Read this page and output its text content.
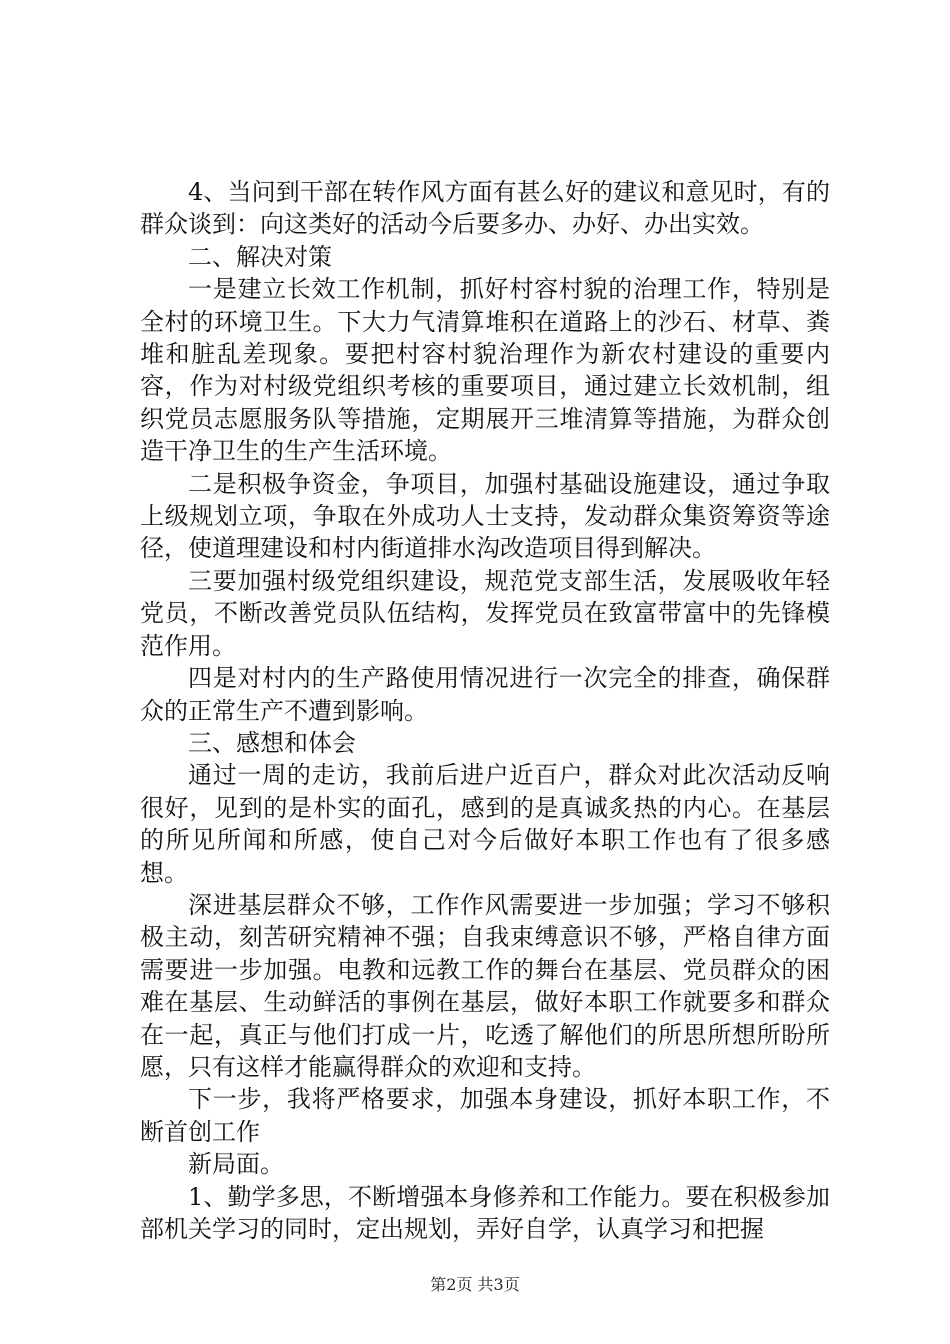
4、当问到干部在转作风方面有甚么好的建议和意见时，有的群众谈到：向这类好的活动今后要多办、办好、办出实效。

二、解决对策

一是建立长效工作机制，抓好村容村貌的治理工作，特别是全村的环境卫生。下大力气清算堆积在道路上的沙石、材草、粪堆和脏乱差现象。要把村容村貌治理作为新农村建设的重要内容，作为对村级党组织考核的重要项目，通过建立长效机制，组织党员志愿服务队等措施，定期展开三堆清算等措施，为群众创造干净卫生的生产生活环境。

二是积极争资金，争项目，加强村基础设施建设，通过争取上级规划立项，争取在外成功人士支持，发动群众集资筹资等途径，使道理建设和村内街道排水沟改造项目得到解决。

三要加强村级党组织建设，规范党支部生活，发展吸收年轻党员，不断改善党员队伍结构，发挥党员在致富带富中的先锋模范作用。

四是对村内的生产路使用情况进行一次完全的排查，确保群众的正常生产不遭到影响。

三、感想和体会

通过一周的走访，我前后进户近百户，群众对此次活动反响很好，见到的是朴实的面孔，感到的是真诚炙热的内心。在基层的所见所闻和所感，使自己对今后做好本职工作也有了很多感想。

深进基层群众不够，工作作风需要进一步加强；学习不够积极主动，刻苦研究精神不强；自我束缚意识不够，严格自律方面需要进一步加强。电教和远教工作的舞台在基层、党员群众的困难在基层、生动鲜活的事例在基层，做好本职工作就要多和群众在一起，真正与他们打成一片，吃透了解他们的所思所想所盼所愿，只有这样才能赢得群众的欢迎和支持。

下一步，我将严格要求，加强本身建设，抓好本职工作，不断首创工作

新局面。

1、勤学多思，不断增强本身修养和工作能力。要在积极参加部机关学习的同时，定出规划，弄好自学，认真学习和把握

第2页 共3页
